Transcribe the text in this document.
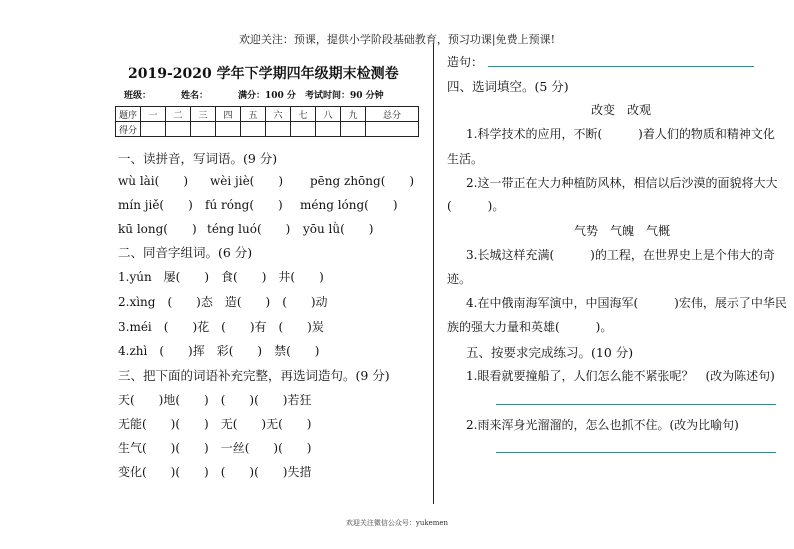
欢迎关注：预课，提供小学阶段基础教育，预习功课|免费上预课!
2019-2020 学年下学期四年级期末检测卷
班级：	姓名：	满分：100 分 考试时间：90 分钟
题序	一	二	三	四	五	六	七	八	九	总分
得分										
一、读拼音，写词语。(9 分)
wù lài(　　) wèi jiè(　　) pēng zhōng(　　)
mín jiě(　　) fú róng(　　) méng lóng(　　)
kū long(　　) téng luó(　　) yōu lǜ(　　)
二、同音字组词。(6 分)
1.yún　屡(　　)　食(　　)　井(　　)
2.xìng　(　　)态　造(　　)　(　　)动
3.méi　(　　)花　(　　)有　(　　)炭
4.zhì　(　　)挥　彩(　　)　禁(　　)
三、把下面的词语补充完整，再选词造句。(9 分)
天(　　)地(　　)　(　　)(　　)若狂
无能(　　)(　　)　无(　　)无(　　)
生气(　　)(　　)　一丝(　　)(　　)
变化(　　)(　　)　(　　)(　　)失措
造句：
四、选词填空。(5 分)
改变　改观
1.科学技术的应用，不断(　　　)着人们的物质和精神文化
生活。
2.这一带正在大力种植防风林，相信以后沙漠的面貌将大大
(　　　)。
气势　气魄　气概
3.长城这样充满(　　　)的工程，在世界史上是个伟大的奇
迹。
4.在中俄南海军演中，中国海军(　　　)宏伟，展示了中华民
族的强大力量和英雄(　　　)。
五、按要求完成练习。(10 分)
1.眼看就要撞船了，人们怎么能不紧张呢？　(改为陈述句)
2.雨来浑身光溜溜的，怎么也抓不住。(改为比喻句)
欢迎关注微信公众号：yukemen
